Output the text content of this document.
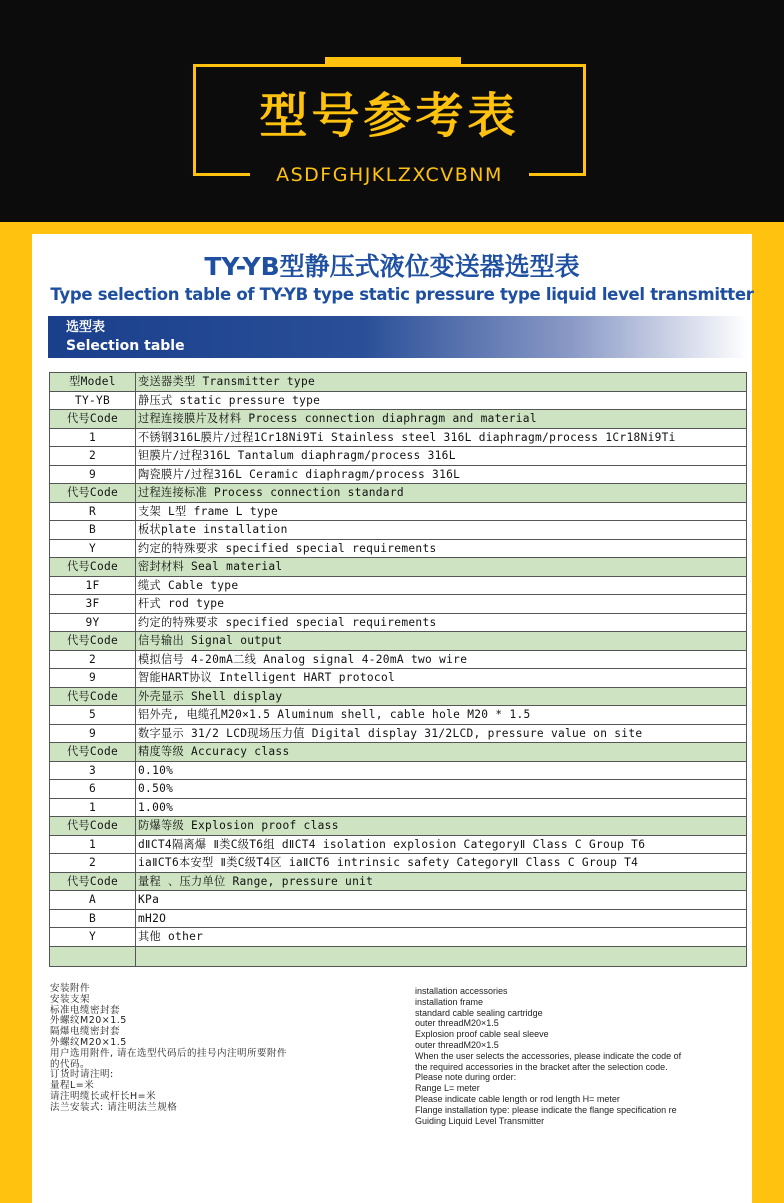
型号参考表
ASDFGHJKLZXCVBNM
TY-YB型静压式液位变送器选型表
Type selection table of TY-YB type static pressure type liquid level transmitter
选型表
Selection table
型Model	变送器类型 Transmitter type
TY-YB	静压式 static pressure type
代号Code	过程连接膜片及材料 Process connection diaphragm and material
1	不锈钢316L膜片/过程1Cr18Ni9Ti Stainless steel 316L diaphragm/process 1Cr18Ni9Ti
2	钽膜片/过程316L Tantalum diaphragm/process 316L
9	陶瓷膜片/过程316L Ceramic diaphragm/process 316L
代号Code	过程连接标准 Process connection standard
R	支架 L型 frame L type
B	板状plate installation
Y	约定的特殊要求 specified special requirements
代号Code	密封材料 Seal material
1F	缆式 Cable type
3F	杆式 rod type
9Y	约定的特殊要求 specified special requirements
代号Code	信号输出 Signal output
2	模拟信号 4-20mA二线 Analog signal 4-20mA two wire
9	智能HART协议 Intelligent HART protocol
代号Code	外壳显示 Shell display
5	铝外壳, 电缆孔M20×1.5 Aluminum shell, cable hole M20 * 1.5
9	数字显示 31/2 LCD现场压力值 Digital display 31/2LCD, pressure value on site
代号Code	精度等级 Accuracy class
3	0.10%
6	0.50%
1	1.00%
代号Code	防爆等级 Explosion proof class
1	dⅡCT4隔离爆 Ⅱ类C级T6组 dⅡCT4 isolation explosion CategoryⅡ Class C Group T6
2	iaⅡCT6本安型 Ⅱ类C级T4区 iaⅡCT6 intrinsic safety CategoryⅡ Class C Group T4
代号Code	量程 、压力单位 Range, pressure unit
A	KPa
B	mH2O
Y	其他 other

安装附件
安装支架
标准电缆密封套
外螺纹M20×1.5
隔爆电缆密封套
外螺纹M20×1.5
用户选用附件, 请在选型代码后的挂号内注明所要附件
的代码。
订货时请注明:
量程L=米
请注明缆长或杆长H=米
法兰安装式: 请注明法兰规格
installation accessories
installation frame
standard cable sealing cartridge
outer threadM20×1.5
Explosion proof cable seal sleeve
outer threadM20×1.5
When the user selects the accessories, please indicate the code of
the required accessories in the bracket after the selection code.
Please note during order:
Range L= meter
Please indicate cable length or rod length H= meter
Flange installation type: please indicate the flange specification re
Guiding Liquid Level Transmitter
